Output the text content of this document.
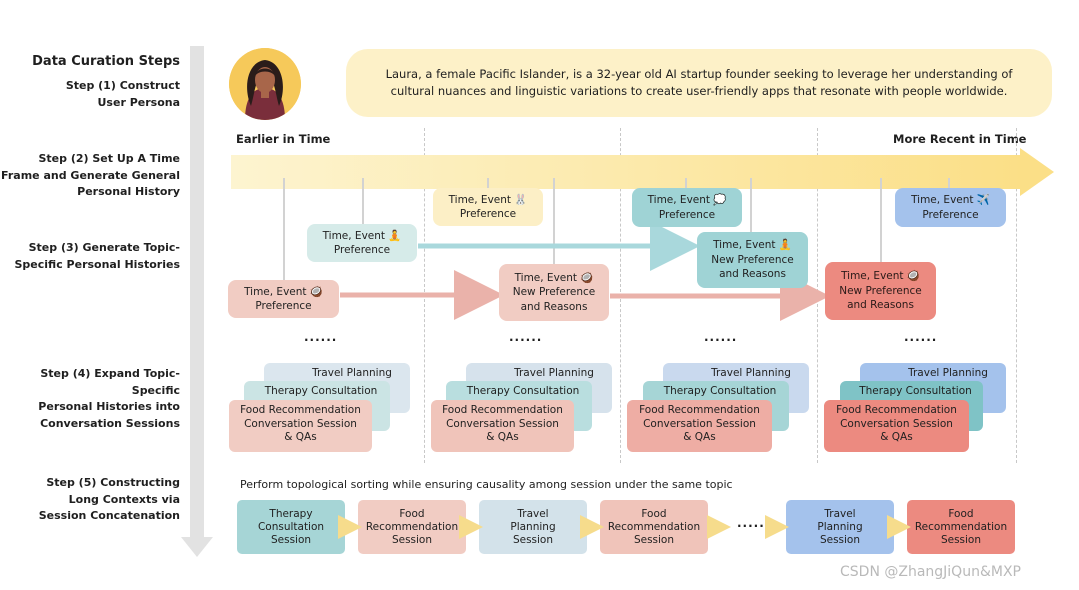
Data Curation Steps
Step (1) Construct
User Persona
Step (2) Set Up A Time
Frame and Generate General
Personal History
Step (3) Generate Topic-
Specific Personal Histories
Step (4) Expand Topic-Specific
Personal Histories into
Conversation Sessions
Step (5) Constructing
Long Contexts via
Session Concatenation
Laura, a female Pacific Islander, is a 32-year old AI startup founder seeking to leverage her understanding of cultural nuances and linguistic variations to create user-friendly apps that resonate with people worldwide.
Earlier in Time	More Recent in Time
Time, Event 🥥
Preference
Time, Event 🧘
Preference
Time, Event 🐰
Preference
Time, Event 🥥
New Preference
and Reasons
Time, Event 💭
Preference
Time, Event 🧘
New Preference
and Reasons
Time, Event ✈️
Preference
Time, Event 🥥
New Preference
and Reasons
......	......	......	......
Travel Planning
Therapy Consultation
Food Recommendation
Conversation Session
& QAs
Travel Planning
Therapy Consultation
Food Recommendation
Conversation Session
& QAs
Travel Planning
Therapy Consultation
Food Recommendation
Conversation Session
& QAs
Travel Planning
Therapy Consultation
Food Recommendation
Conversation Session
& QAs
Perform topological sorting while ensuring causality among session under the same topic
Therapy
Consultation
Session
Food
Recommendation
Session
Travel
Planning
Session
Food
Recommendation
Session
......
Travel
Planning
Session
Food
Recommendation
Session
CSDN @ZhangJiQun&MXP
